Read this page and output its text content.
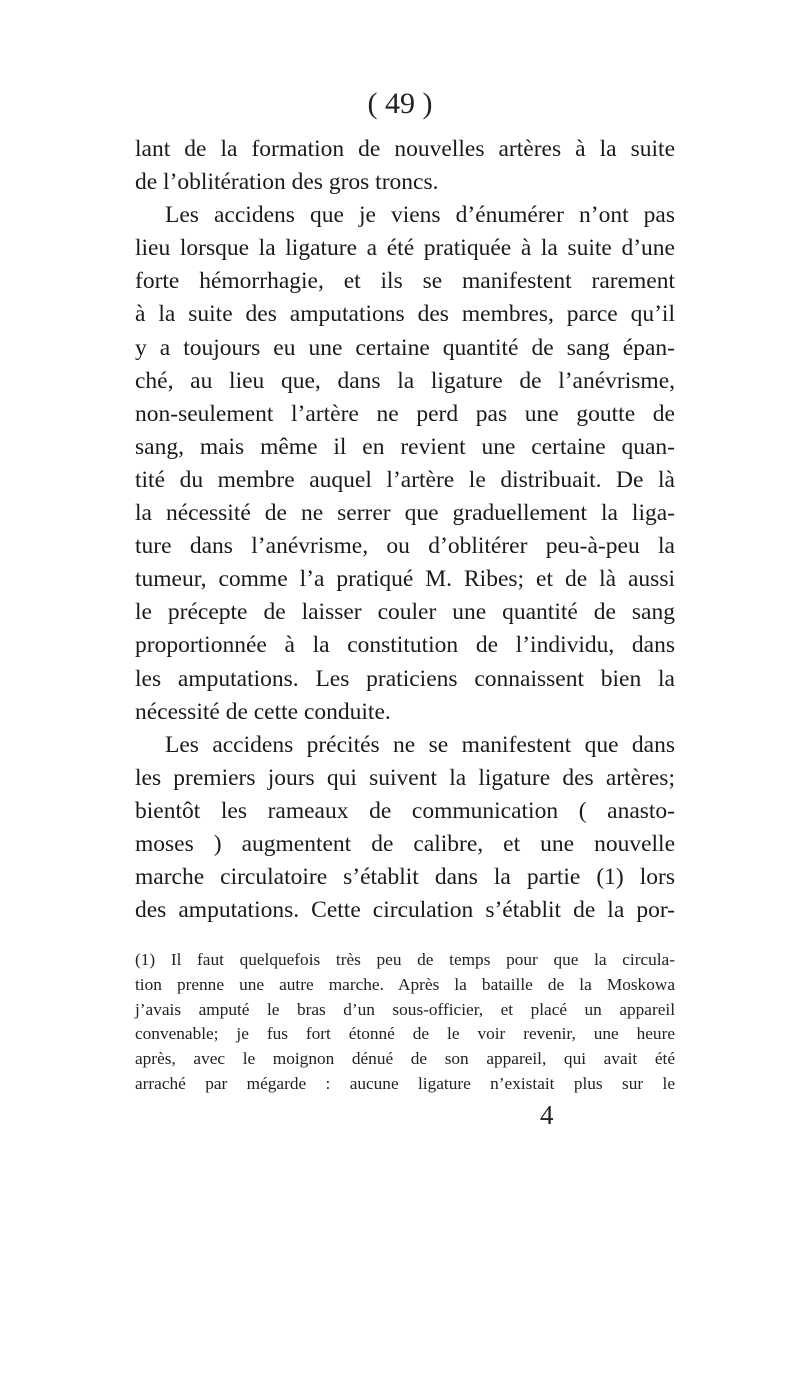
( 49 )
lant de la formation de nouvelles artères à la suite
de l’oblitération des gros troncs.
Les accidens que je viens d’énumérer n’ont pas
lieu lorsque la ligature a été pratiquée à la suite d’une
forte hémorrhagie, et ils se manifestent rarement
à la suite des amputations des membres, parce qu’il
y a toujours eu une certaine quantité de sang épan-
ché, au lieu que, dans la ligature de l’anévrisme,
non-seulement l’artère ne perd pas une goutte de
sang, mais même il en revient une certaine quan-
tité du membre auquel l’artère le distribuait. De là
la nécessité de ne serrer que graduellement la liga-
ture dans l’anévrisme, ou d’oblitérer peu-à-peu la
tumeur, comme l’a pratiqué M. Ribes; et de là aussi
le précepte de laisser couler une quantité de sang
proportionnée à la constitution de l’individu, dans
les amputations. Les praticiens connaissent bien la
nécessité de cette conduite.
Les accidens précités ne se manifestent que dans
les premiers jours qui suivent la ligature des artères;
bientôt les rameaux de communication ( anasto-
moses ) augmentent de calibre, et une nouvelle
marche circulatoire s’établit dans la partie (1) lors
des amputations. Cette circulation s’établit de la por-
(1) Il faut quelquefois très peu de temps pour que la circula-
tion prenne une autre marche. Après la bataille de la Moskowa
j’avais amputé le bras d’un sous-officier, et placé un appareil
convenable; je fus fort étonné de le voir revenir, une heure
après, avec le moignon dénué de son appareil, qui avait été
arraché par mégarde : aucune ligature n’existait plus sur le
4
